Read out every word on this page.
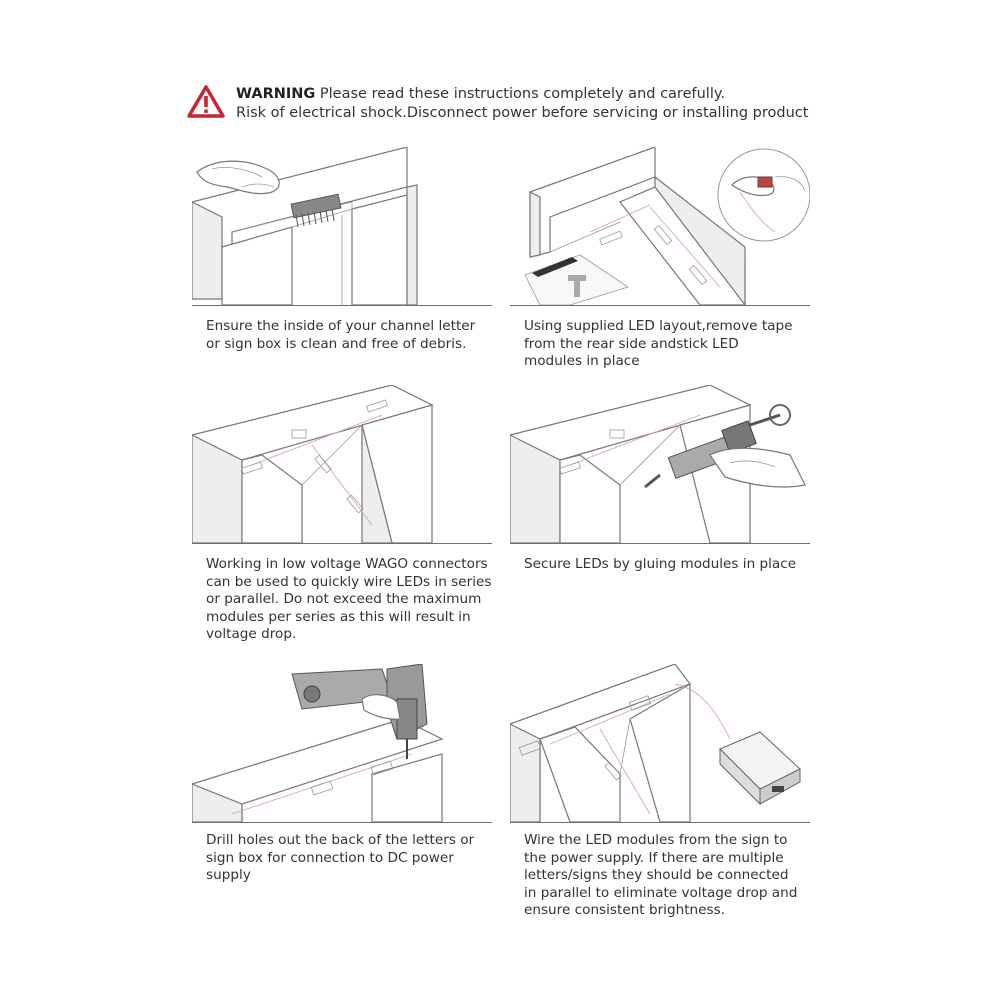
WARNING Please read these instructions completely and carefully.
Risk of electrical shock.Disconnect power before servicing or installing product
Ensure the inside of your channel letter
or sign box is clean and free of debris.
Using supplied LED layout,remove tape
from the rear side andstick LED
modules in place
Working in low voltage WAGO connectors
can be used to quickly wire LEDs in series
or parallel. Do not exceed the maximum
modules per series as this will result in
voltage drop.
Secure LEDs by gluing modules in place
Drill holes out the back of the letters or
sign box for connection to DC power
supply
Wire the LED modules from the sign to
the power supply. If there are multiple
letters/signs they should be connected
in parallel to eliminate voltage drop and
ensure consistent brightness.
